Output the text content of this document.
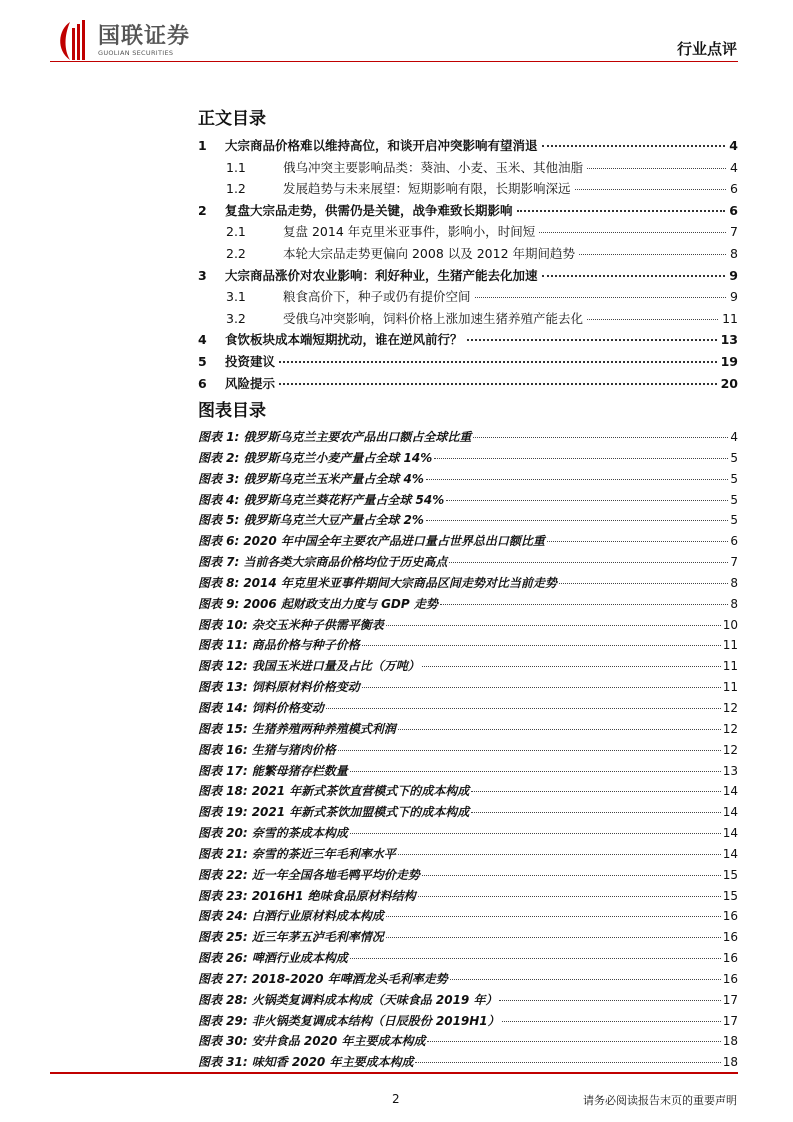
国联证券
GUOLIAN SECURITIES	行业点评
正文目录
1	大宗商品价格难以维持高位，和谈开启冲突影响有望消退	4
1.1	俄乌冲突主要影响品类：葵油、小麦、玉米、其他油脂	4
1.2	发展趋势与未来展望：短期影响有限，长期影响深远	6
2	复盘大宗品走势，供需仍是关键，战争难致长期影响	6
2.1	复盘 2014 年克里米亚事件，影响小，时间短	7
2.2	本轮大宗品走势更偏向 2008 以及 2012 年期间趋势	8
3	大宗商品涨价对农业影响：利好种业，生猪产能去化加速	9
3.1	粮食高价下，种子或仍有提价空间	9
3.2	受俄乌冲突影响，饲料价格上涨加速生猪养殖产能去化	11
4	食饮板块成本端短期扰动，谁在逆风前行？	13
5	投资建议	19
6	风险提示	20
图表目录
图表 1: 俄罗斯乌克兰主要农产品出口额占全球比重	4
图表 2: 俄罗斯乌克兰小麦产量占全球 14%	5
图表 3: 俄罗斯乌克兰玉米产量占全球 4%	5
图表 4: 俄罗斯乌克兰葵花籽产量占全球 54%	5
图表 5: 俄罗斯乌克兰大豆产量占全球 2%	5
图表 6: 2020 年中国全年主要农产品进口量占世界总出口额比重	6
图表 7: 当前各类大宗商品价格均位于历史高点	7
图表 8: 2014 年克里米亚事件期间大宗商品区间走势对比当前走势	8
图表 9: 2006 起财政支出力度与 GDP 走势	8
图表 10: 杂交玉米种子供需平衡表	10
图表 11: 商品价格与种子价格	11
图表 12: 我国玉米进口量及占比（万吨）	11
图表 13: 饲料原材料价格变动	11
图表 14: 饲料价格变动	12
图表 15: 生猪养殖两种养殖模式利润	12
图表 16: 生猪与猪肉价格	12
图表 17: 能繁母猪存栏数量	13
图表 18: 2021 年新式茶饮直营模式下的成本构成	14
图表 19: 2021 年新式茶饮加盟模式下的成本构成	14
图表 20: 奈雪的茶成本构成	14
图表 21: 奈雪的茶近三年毛利率水平	14
图表 22: 近一年全国各地毛鸭平均价走势	15
图表 23: 2016H1 绝味食品原材料结构	15
图表 24: 白酒行业原材料成本构成	16
图表 25: 近三年茅五泸毛利率情况	16
图表 26: 啤酒行业成本构成	16
图表 27: 2018-2020 年啤酒龙头毛利率走势	16
图表 28: 火锅类复调料成本构成（天味食品 2019 年）	17
图表 29: 非火锅类复调成本结构（日辰股份 2019H1）	17
图表 30: 安井食品 2020 年主要成本构成	18
图表 31: 味知香 2020 年主要成本构成	18
2	请务必阅读报告末页的重要声明
